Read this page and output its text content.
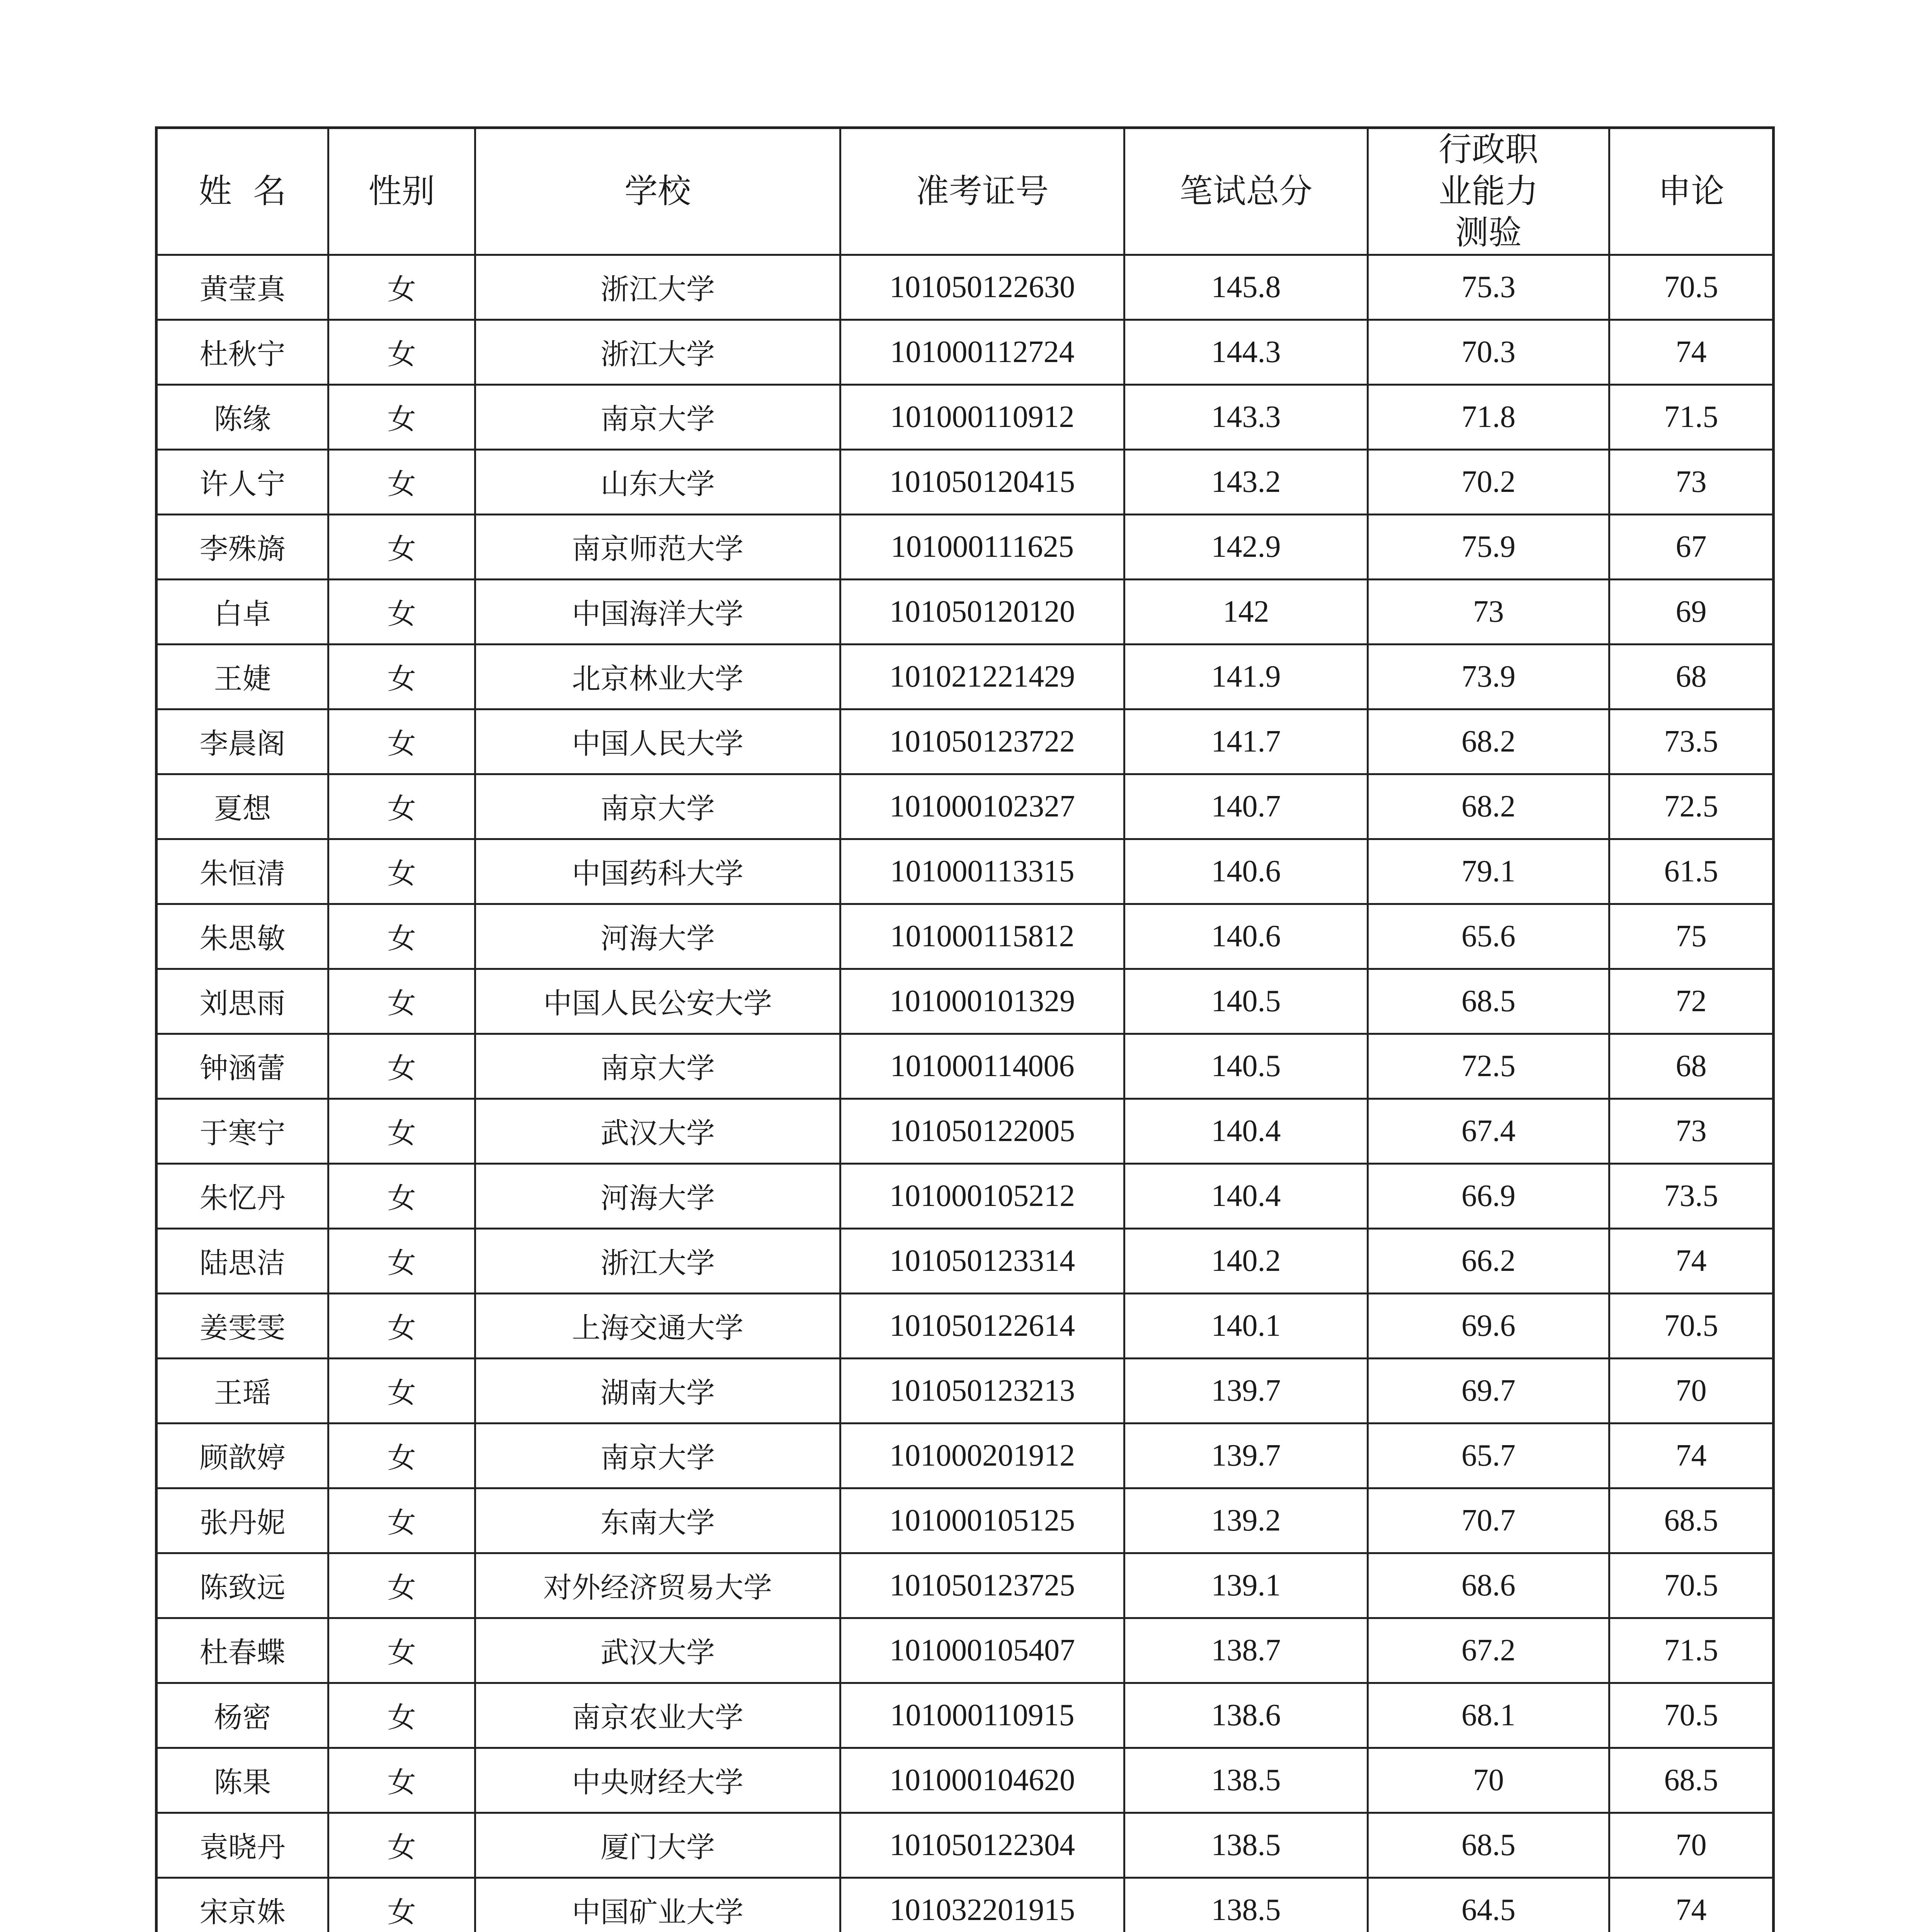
姓  名	性别	学校	准考证号	笔试总分	行政职业能力测验	申论
黄莹真	女	浙江大学	101050122630	145.8	75.3	70.5
杜秋宁	女	浙江大学	101000112724	144.3	70.3	74
陈缘	女	南京大学	101000110912	143.3	71.8	71.5
许人宁	女	山东大学	101050120415	143.2	70.2	73
李殊旖	女	南京师范大学	101000111625	142.9	75.9	67
白卓	女	中国海洋大学	101050120120	142	73	69
王婕	女	北京林业大学	101021221429	141.9	73.9	68
李晨阁	女	中国人民大学	101050123722	141.7	68.2	73.5
夏想	女	南京大学	101000102327	140.7	68.2	72.5
朱恒清	女	中国药科大学	101000113315	140.6	79.1	61.5
朱思敏	女	河海大学	101000115812	140.6	65.6	75
刘思雨	女	中国人民公安大学	101000101329	140.5	68.5	72
钟涵蕾	女	南京大学	101000114006	140.5	72.5	68
于寒宁	女	武汉大学	101050122005	140.4	67.4	73
朱忆丹	女	河海大学	101000105212	140.4	66.9	73.5
陆思洁	女	浙江大学	101050123314	140.2	66.2	74
姜雯雯	女	上海交通大学	101050122614	140.1	69.6	70.5
王瑶	女	湖南大学	101050123213	139.7	69.7	70
顾歆婷	女	南京大学	101000201912	139.7	65.7	74
张丹妮	女	东南大学	101000105125	139.2	70.7	68.5
陈致远	女	对外经济贸易大学	101050123725	139.1	68.6	70.5
杜春蝶	女	武汉大学	101000105407	138.7	67.2	71.5
杨密	女	南京农业大学	101000110915	138.6	68.1	70.5
陈果	女	中央财经大学	101000104620	138.5	70	68.5
袁晓丹	女	厦门大学	101050122304	138.5	68.5	70
宋京姝	女	中国矿业大学	101032201915	138.5	64.5	74
